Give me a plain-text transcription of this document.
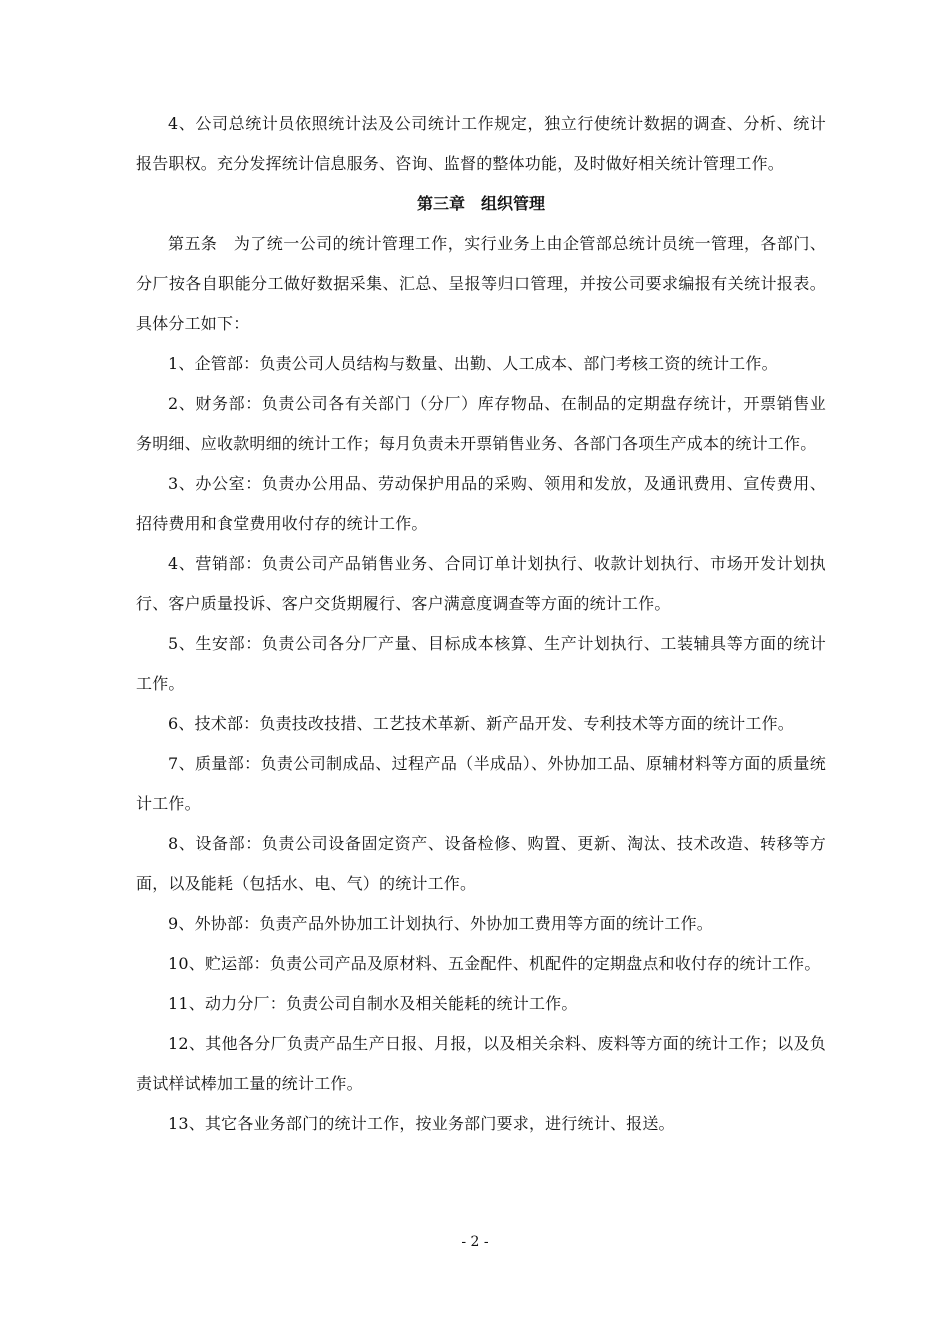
4、公司总统计员依照统计法及公司统计工作规定，独立行使统计数据的调查、分析、统计报告职权。充分发挥统计信息服务、咨询、监督的整体功能，及时做好相关统计管理工作。

第三章　组织管理

第五条　为了统一公司的统计管理工作，实行业务上由企管部总统计员统一管理，各部门、分厂按各自职能分工做好数据采集、汇总、呈报等归口管理，并按公司要求编报有关统计报表。具体分工如下：

1、企管部：负责公司人员结构与数量、出勤、人工成本、部门考核工资的统计工作。

2、财务部：负责公司各有关部门（分厂）库存物品、在制品的定期盘存统计，开票销售业务明细、应收款明细的统计工作；每月负责未开票销售业务、各部门各项生产成本的统计工作。

3、办公室：负责办公用品、劳动保护用品的采购、领用和发放，及通讯费用、宣传费用、招待费用和食堂费用收付存的统计工作。

4、营销部：负责公司产品销售业务、合同订单计划执行、收款计划执行、市场开发计划执行、客户质量投诉、客户交货期履行、客户满意度调查等方面的统计工作。

5、生安部：负责公司各分厂产量、目标成本核算、生产计划执行、工装辅具等方面的统计工作。

6、技术部：负责技改技措、工艺技术革新、新产品开发、专利技术等方面的统计工作。

7、质量部：负责公司制成品、过程产品（半成品）、外协加工品、原辅材料等方面的质量统计工作。

8、设备部：负责公司设备固定资产、设备检修、购置、更新、淘汰、技术改造、转移等方面，以及能耗（包括水、电、气）的统计工作。

9、外协部：负责产品外协加工计划执行、外协加工费用等方面的统计工作。

10、贮运部：负责公司产品及原材料、五金配件、机配件的定期盘点和收付存的统计工作。

11、动力分厂：负责公司自制水及相关能耗的统计工作。

12、其他各分厂负责产品生产日报、月报，以及相关余料、废料等方面的统计工作；以及负责试样试棒加工量的统计工作。

13、其它各业务部门的统计工作，按业务部门要求，进行统计、报送。

- 2 -
